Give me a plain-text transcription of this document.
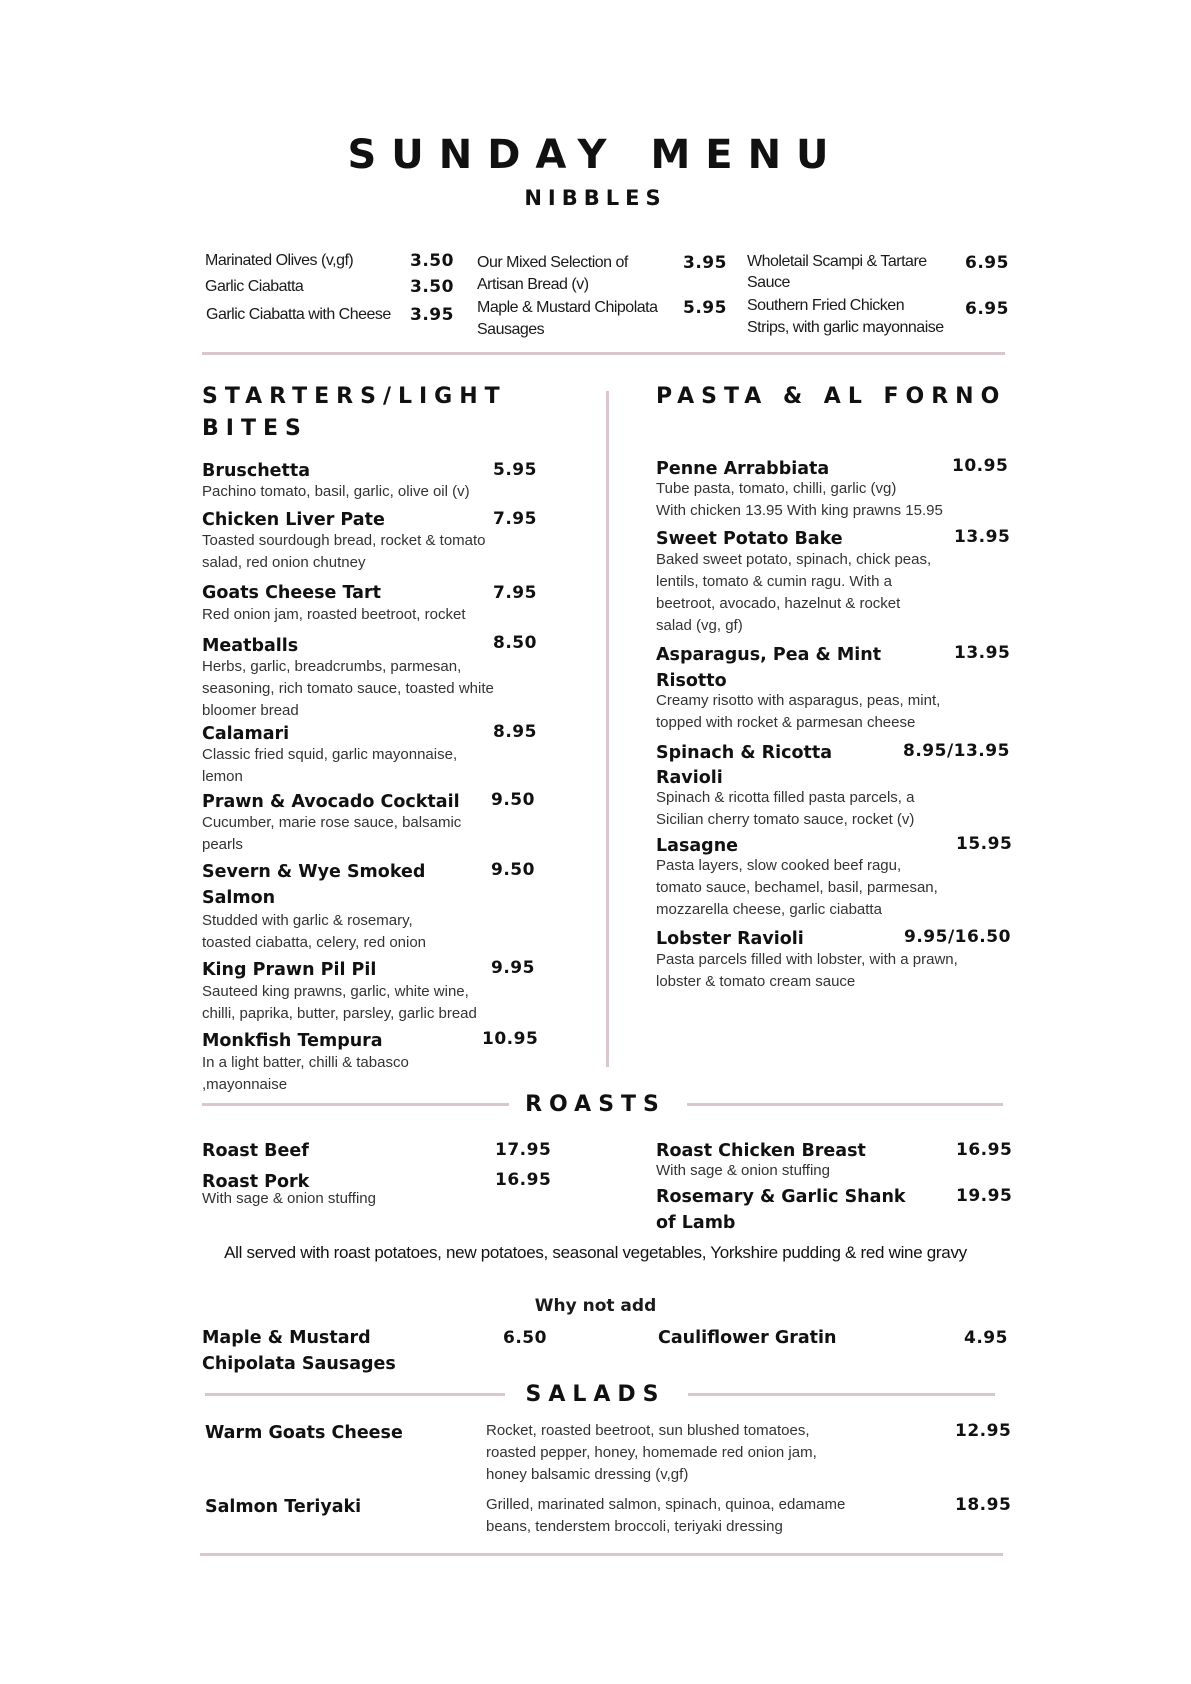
SUNDAY MENU
NIBBLES
Marinated Olives (v,gf)	3.50
Garlic Ciabatta	3.50
Garlic Ciabatta with Cheese 3.95
Our Mixed Selection of
Artisan Bread (v)
3.95
Maple & Mustard Chipolata
Sausages
5.95
Wholetail Scampi & Tartare
Sauce
6.95
Southern Fried Chicken
Strips, with garlic mayonnaise
6.95
STARTERS/LIGHT
BITES
Bruschetta	5.95
Pachino tomato, basil, garlic, olive oil (v)
Chicken Liver Pate	7.95
Toasted sourdough bread, rocket & tomato
salad, red onion chutney
Goats Cheese Tart	7.95
Red onion jam, roasted beetroot, rocket
Meatballs	8.50
Herbs, garlic, breadcrumbs, parmesan,
seasoning, rich tomato sauce, toasted white
bloomer bread
Calamari	8.95
Classic fried squid, garlic mayonnaise,
lemon
Prawn & Avocado Cocktail 9.50
Cucumber, marie rose sauce, balsamic
pearls
Severn & Wye Smoked
Salmon
9.50
Studded with garlic & rosemary,
toasted ciabatta, celery, red onion
King Prawn Pil Pil	9.95
Sauteed king prawns, garlic, white wine,
chilli, paprika, butter, parsley, garlic bread
Monkfish Tempura	10.95
In a light batter, chilli & tabasco
,mayonnaise
PASTA & AL FORNO
Penne Arrabbiata	10.95
Tube pasta, tomato, chilli, garlic (vg)
With chicken 13.95 With king prawns 15.95
Sweet Potato Bake	13.95
Baked sweet potato, spinach, chick peas,
lentils, tomato & cumin ragu. With a
beetroot, avocado, hazelnut & rocket
salad (vg, gf)
Asparagus, Pea & Mint
Risotto
13.95
Creamy risotto with asparagus, peas, mint,
topped with rocket & parmesan cheese
Spinach & Ricotta
Ravioli
8.95/13.95
Spinach & ricotta filled pasta parcels, a
Sicilian cherry tomato sauce, rocket (v)
Lasagne	15.95
Pasta layers, slow cooked beef ragu,
tomato sauce, bechamel, basil, parmesan,
mozzarella cheese, garlic ciabatta
Lobster Ravioli	9.95/16.50
Pasta parcels filled with lobster, with a prawn,
lobster & tomato cream sauce
ROASTS
Roast Beef	17.95
Roast Pork	16.95
With sage & onion stuffing
Roast Chicken Breast	16.95
With sage & onion stuffing
Rosemary & Garlic Shank
of Lamb
19.95
All served with roast potatoes, new potatoes, seasonal vegetables, Yorkshire pudding & red wine gravy
Why not add
Maple & Mustard
Chipolata Sausages
6.50	Cauliflower Gratin	4.95
SALADS
Warm Goats Cheese	Rocket, roasted beetroot, sun blushed tomatoes,
roasted pepper, honey, homemade red onion jam,
honey balsamic dressing (v,gf)
12.95
Salmon Teriyaki	Grilled, marinated salmon, spinach, quinoa, edamame
beans, tenderstem broccoli, teriyaki dressing
18.95
